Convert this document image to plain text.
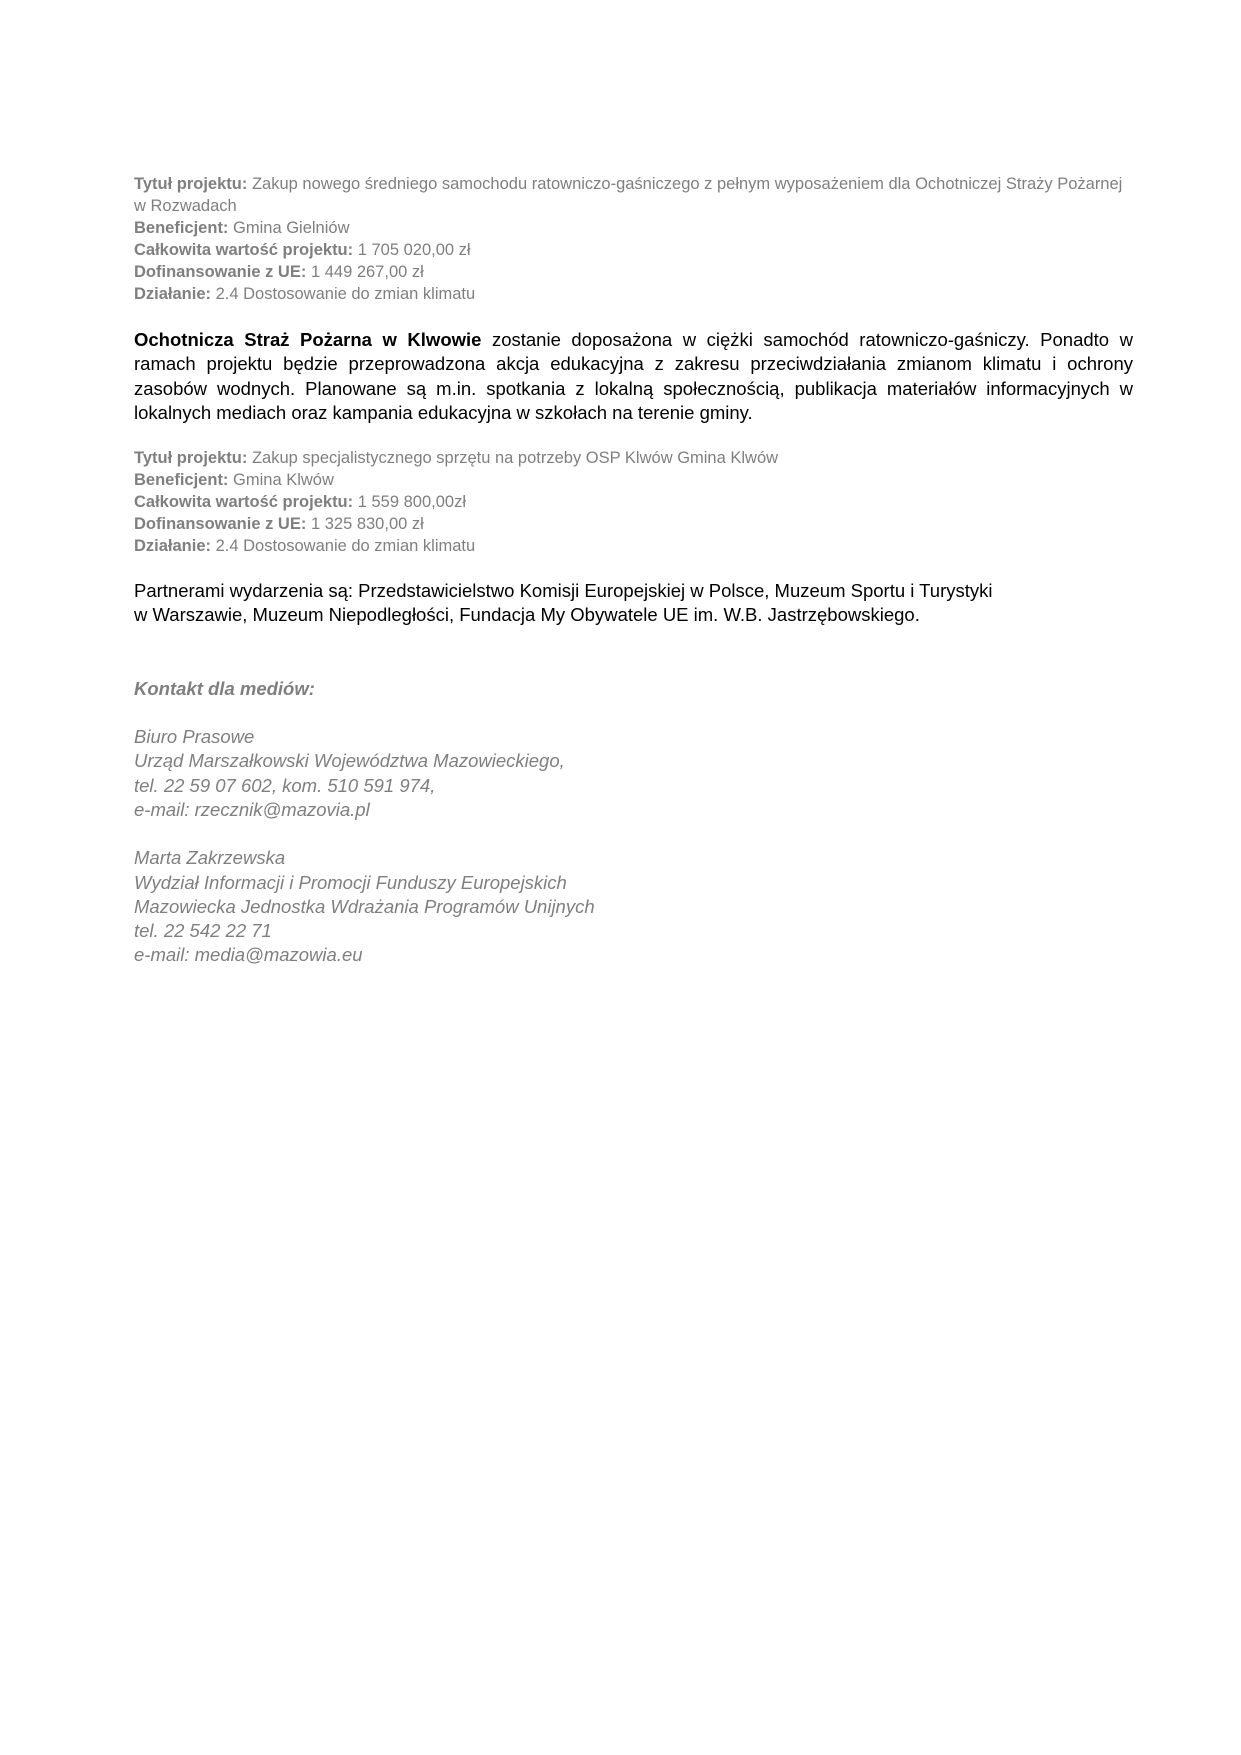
Tytuł projektu: Zakup nowego średniego samochodu ratowniczo-gaśniczego z pełnym wyposażeniem dla Ochotniczej Straży Pożarnej w Rozwadach

Beneficjent: Gmina Gielniów

Całkowita wartość projektu: 1 705 020,00 zł

Dofinansowanie z UE: 1 449 267,00 zł

Działanie: 2.4 Dostosowanie do zmian klimatu

Ochotnicza Straż Pożarna w Klwowie zostanie doposażona w ciężki samochód ratowniczo-gaśniczy. Ponadto w ramach projektu będzie przeprowadzona akcja edukacyjna z zakresu przeciwdziałania zmianom klimatu i ochrony zasobów wodnych. Planowane są m.in. spotkania z lokalną społecznością, publikacja materiałów informacyjnych w lokalnych mediach oraz kampania edukacyjna w szkołach na terenie gminy.

Tytuł projektu: Zakup specjalistycznego sprzętu na potrzeby OSP Klwów Gmina Klwów

Beneficjent: Gmina Klwów

Całkowita wartość projektu: 1 559 800,00zł

Dofinansowanie z UE: 1 325 830,00 zł

Działanie: 2.4 Dostosowanie do zmian klimatu

Partnerami wydarzenia są: Przedstawicielstwo Komisji Europejskiej w Polsce, Muzeum Sportu i Turystyki

w Warszawie, Muzeum Niepodległości, Fundacja My Obywatele UE im. W.B. Jastrzębowskiego.

Kontakt dla mediów:

Biuro Prasowe

Urząd Marszałkowski Województwa Mazowieckiego,

tel. 22 59 07 602, kom. 510 591 974,

e-mail: rzecznik@mazovia.pl

Marta Zakrzewska

Wydział Informacji i Promocji Funduszy Europejskich

Mazowiecka Jednostka Wdrażania Programów Unijnych

tel. 22 542 22 71

e-mail: media@mazowia.eu
